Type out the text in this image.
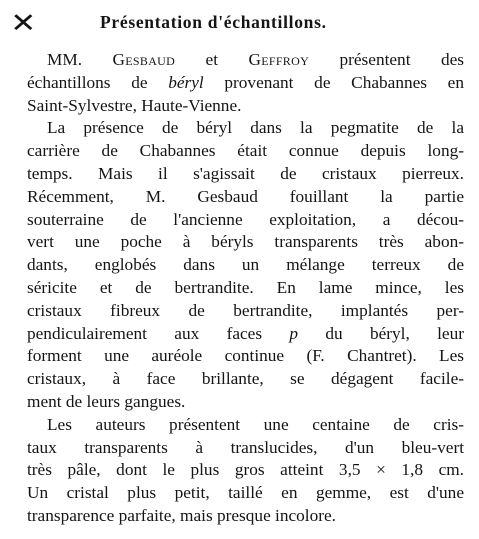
✕	Présentation d'échantillons.

MM. Gesbaud et Geffroy présentent des
échantillons de béryl provenant de Chabannes en
Saint-Sylvestre, Haute-Vienne.

La présence de béryl dans la pegmatite de la
carrière de Chabannes était connue depuis long-
temps. Mais il s'agissait de cristaux pierreux.
Récemment, M. Gesbaud fouillant la partie
souterraine de l'ancienne exploitation, a décou-
vert une poche à béryls transparents très abon-
dants, englobés dans un mélange terreux de
séricite et de bertrandite. En lame mince, les
cristaux fibreux de bertrandite, implantés per-
pendiculairement aux faces p du béryl, leur
forment une auréole continue (F. Chantret). Les
cristaux, à face brillante, se dégagent facile-
ment de leurs gangues.

Les auteurs présentent une centaine de cris-
taux transparents à translucides, d'un bleu-vert
très pâle, dont le plus gros atteint 3,5 × 1,8 cm.
Un cristal plus petit, taillé en gemme, est d'une
transparence parfaite, mais presque incolore.
